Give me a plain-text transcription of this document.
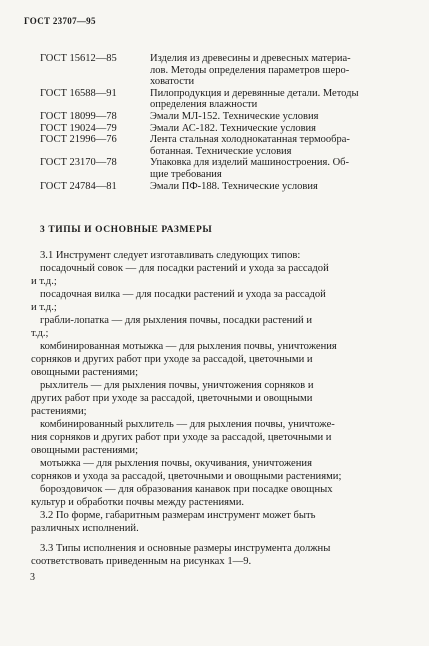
ГОСТ 23707—95
ГОСТ 15612—85	Изделия из древесины и древесных материа-
лов. Методы определения параметров шеро-
ховатости
ГОСТ 16588—91	Пилопродукция и деревянные детали. Методы
определения влажности
ГОСТ 18099—78	Эмали МЛ-152. Технические условия
ГОСТ 19024—79	Эмали АС-182. Технические условия
ГОСТ 21996—76	Лента стальная холоднокатанная термообра-
ботанная. Технические условия
ГОСТ 23170—78	Упаковка для изделий машиностроения. Об-
щие требования
ГОСТ 24784—81	Эмали ПФ-188. Технические условия
3 ТИПЫ И ОСНОВНЫЕ РАЗМЕРЫ
3.1 Инструмент следует изготавливать следующих типов:
посадочный совок — для посадки растений и ухода за рассадой
и т.д.;
посадочная вилка — для посадки растений и ухода за рассадой
и т.д.;
грабли-лопатка — для рыхления почвы, посадки растений и
т.д.;
комбинированная мотыжка — для рыхления почвы, уничтожения
сорняков и других работ при уходе за рассадой, цветочными и
овощными растениями;
рыхлитель — для рыхления почвы, уничтожения сорняков и
других работ при уходе за рассадой, цветочными и овощными
растениями;
комбинированный рыхлитель — для рыхления почвы, уничтоже-
ния сорняков и других работ при уходе за рассадой, цветочными и
овощными растениями;
мотыжка — для рыхления почвы, окучивания, уничтожения
сорняков и ухода за рассадой, цветочными и овощными растениями;
бороздовичок — для образования канавок при посадке овощных
культур и обработки почвы между растениями.
3.2 По форме, габаритным размерам инструмент может быть
различных исполнений.
3.3 Типы исполнения и основные размеры инструмента должны
соответствовать приведенным на рисунках 1—9.
3
